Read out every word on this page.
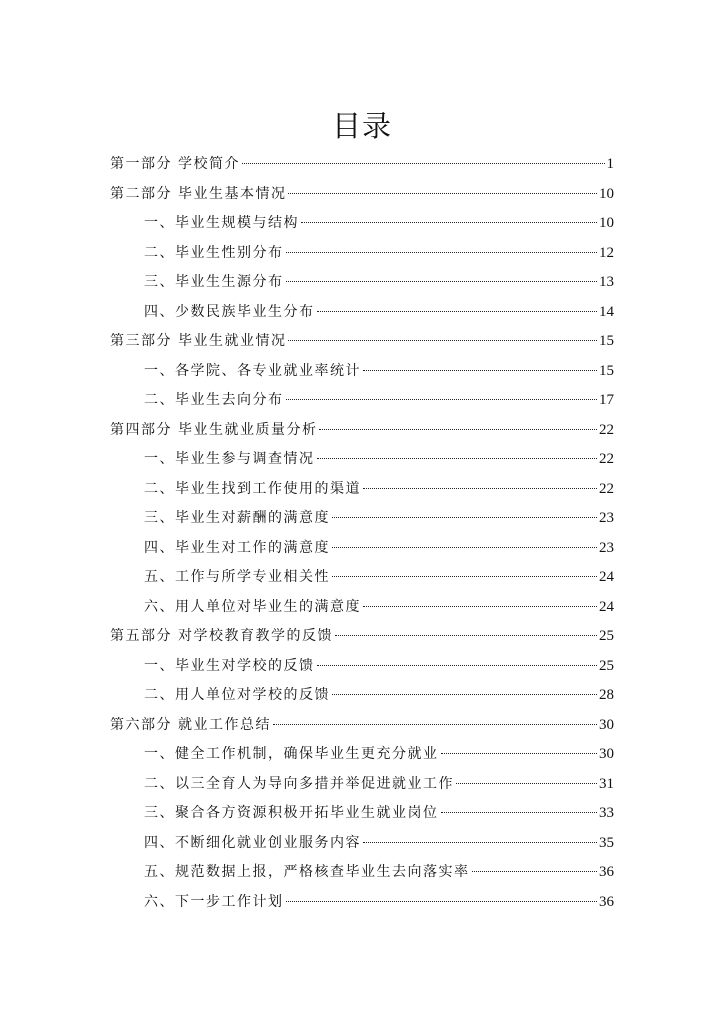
目录
第一部分 学校简介	1
第二部分 毕业生基本情况	10
一、毕业生规模与结构	10
二、毕业生性别分布	12
三、毕业生生源分布	13
四、少数民族毕业生分布	14
第三部分 毕业生就业情况	15
一、各学院、各专业就业率统计	15
二、毕业生去向分布	17
第四部分 毕业生就业质量分析	22
一、毕业生参与调查情况	22
二、毕业生找到工作使用的渠道	22
三、毕业生对薪酬的满意度	23
四、毕业生对工作的满意度	23
五、工作与所学专业相关性	24
六、用人单位对毕业生的满意度	24
第五部分 对学校教育教学的反馈	25
一、毕业生对学校的反馈	25
二、用人单位对学校的反馈	28
第六部分 就业工作总结	30
一、健全工作机制，确保毕业生更充分就业	30
二、以三全育人为导向多措并举促进就业工作	31
三、聚合各方资源积极开拓毕业生就业岗位	33
四、不断细化就业创业服务内容	35
五、规范数据上报，严格核查毕业生去向落实率	36
六、下一步工作计划	36
